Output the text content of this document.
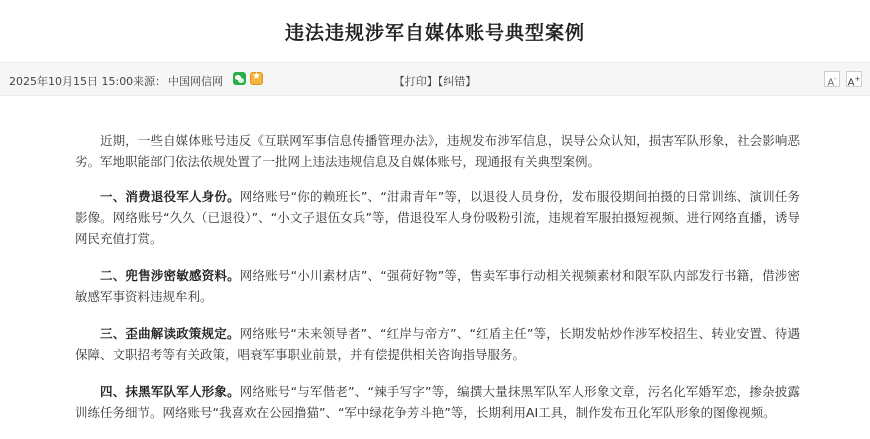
违法违规涉军自媒体账号典型案例
2025年10月15日 15:00 来源： 中国网信网
★	【打印】【纠错】	A-	A+

近期，一些自媒体账号违反《互联网军事信息传播管理办法》，违规发布涉军信息，误导公众认知，损害军队形象，社会影响恶劣。军地职能部门依法依规处置了一批网上违法违规信息及自媒体账号，现通报有关典型案例。

一、消费退役军人身份。网络账号“你的赖班长”、“泔肃青年”等，以退役人员身份，发布服役期间拍摄的日常训练、演训任务影像。网络账号“久久（已退役）”、“小文子退伍女兵”等，借退役军人身份吸粉引流，违规着军服拍摄短视频、进行网络直播，诱导网民充值打赏。

二、兜售涉密敏感资料。网络账号“小川素材店”、“强荷好物”等，售卖军事行动相关视频素材和限军队内部发行书籍，借涉密敏感军事资料违规牟利。

三、歪曲解读政策规定。网络账号“未来领导者”、“红岸与帝方”、“红盾主任”等，长期发帖炒作涉军校招生、转业安置、待遇保障、文职招考等有关政策，唱衰军事职业前景，并有偿提供相关咨询指导服务。

四、抹黑军队军人形象。网络账号“与军偕老”、“辣手写字”等，编撰大量抹黑军队军人形象文章，污名化军婚军恋，掺杂披露训练任务细节。网络账号“我喜欢在公园撸猫”、“军中绿花争芳斗艳”等，长期利用AI工具，制作发布丑化军队形象的图像视频。
